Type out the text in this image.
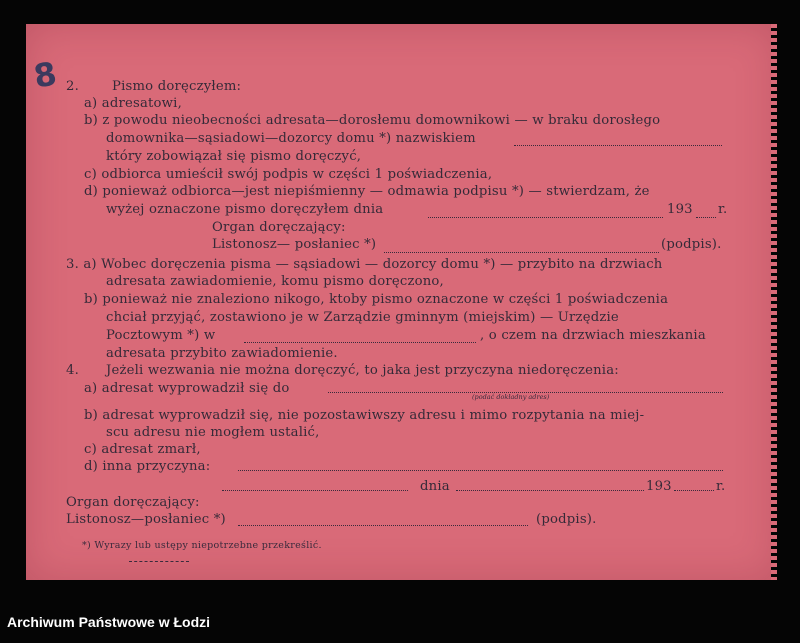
8 2.	Pismo doręczyłem:
a) adresatowi,
b) z powodu nieobecności adresata—dorosłemu domownikowi — w braku dorosłego
domownika—sąsiadowi—dozorcy domu *) nazwiskiem
który zobowiązał się pismo doręczyć,
c) odbiorca umieścił swój podpis w części 1 poświadczenia,
d) ponieważ odbiorca—jest niepiśmienny — odmawia podpisu *) — stwierdzam, że
wyżej oznaczone pismo doręczyłem dnia	193 r.
Organ doręczający:
Listonosz— posłaniec *)	(podpis).
3. a) Wobec doręczenia pisma — sąsiadowi — dozorcy domu *) — przybito na drzwiach
adresata zawiadomienie, komu pismo doręczono,
b) ponieważ nie znaleziono nikogo, ktoby pismo oznaczone w części 1 poświadczenia
chciał przyjąć, zostawiono je w Zarządzie gminnym (miejskim) — Urzędzie
Pocztowym *) w	, o czem na drzwiach mieszkania
adresata przybito zawiadomienie.
4. Jeżeli wezwania nie można doręczyć, to jaka jest przyczyna niedoręczenia:
a) adresat wyprowadził się do
(podać dokładny adres)
b) adresat wyprowadził się, nie pozostawiwszy adresu i mimo rozpytania na miej-
scu adresu nie mogłem ustalić,
c) adresat zmarł,
d) inna przyczyna:
dnia	193	r.
Organ doręczający:
Listonosz—posłaniec *)	(podpis).
*) Wyrazy lub ustępy niepotrzebne przekreślić.
Archiwum Państwowe w Łodzi
